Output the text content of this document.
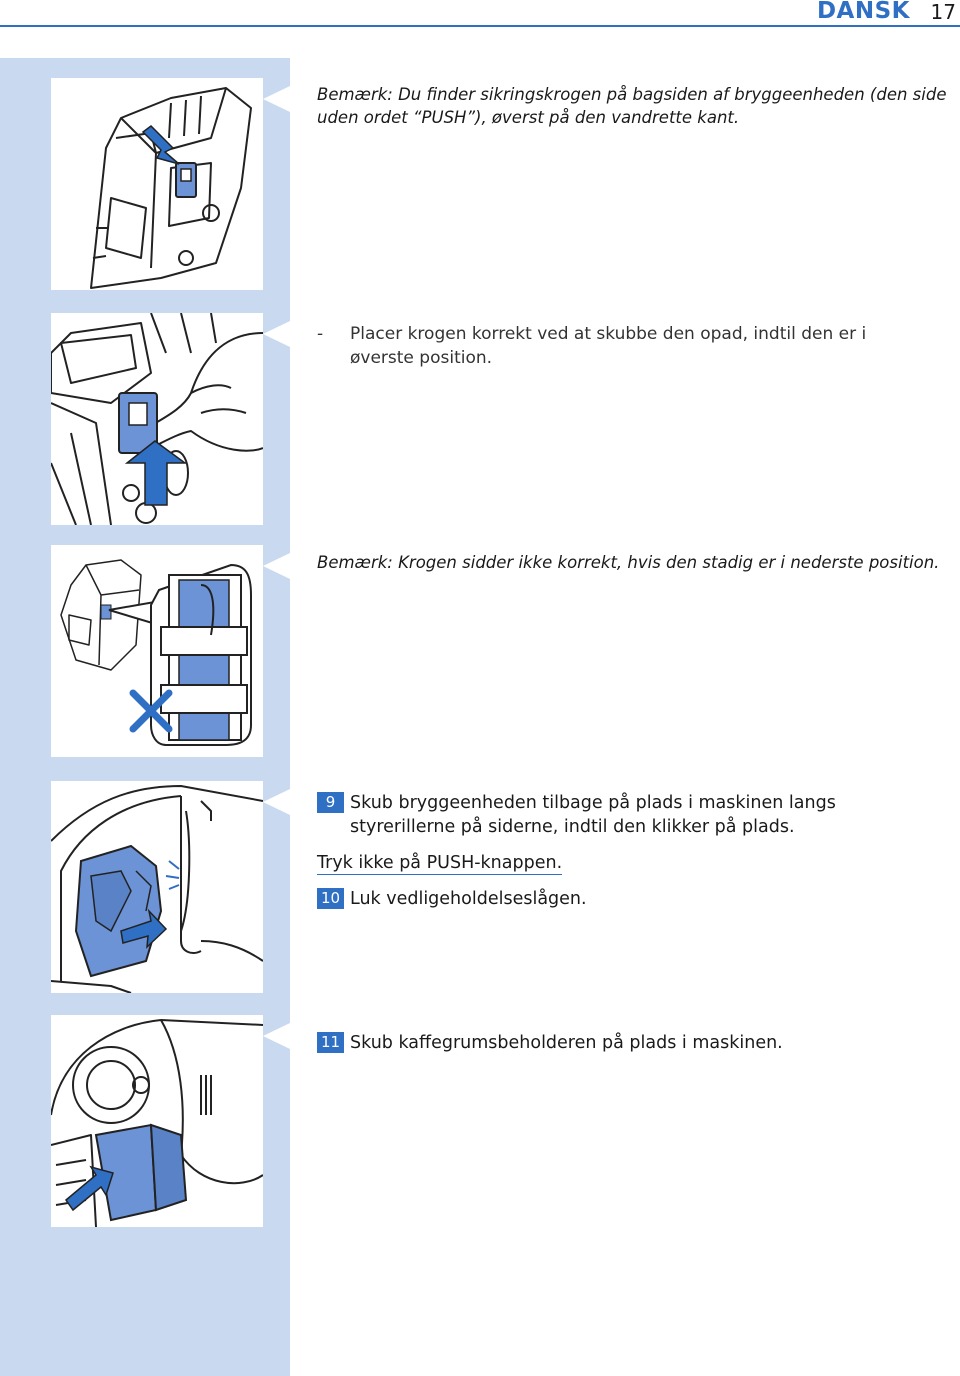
DANSK 17
Bemærk: Du finder sikringskrogen på bagsiden af bryggeenheden (den side uden ordet “PUSH”), øverst på den vandrette kant.
-	Placer krogen korrekt ved at skubbe den opad, indtil den er i øverste position.
Bemærk: Krogen sidder ikke korrekt, hvis den stadig er i nederste position.
9 Skub bryggeenheden tilbage på plads i maskinen langs styrerillerne på siderne, indtil den klikker på plads.
Tryk ikke på PUSH-knappen.
10 Luk vedligeholdelseslågen.
11 Skub kaffegrumsbeholderen på plads i maskinen.
